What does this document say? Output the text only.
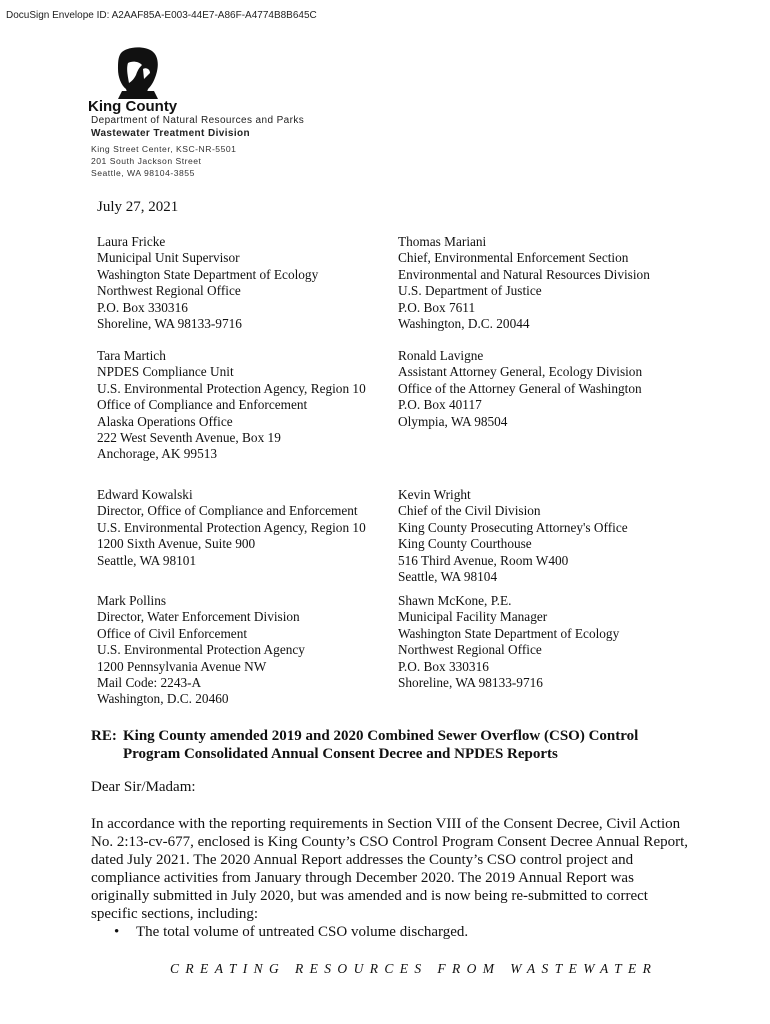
DocuSign Envelope ID: A2AAF85A-E003-44E7-A86F-A4774B8B645C
King County
Department of Natural Resources and Parks
Wastewater Treatment Division
King Street Center, KSC-NR-5501
201 South Jackson Street
Seattle, WA 98104-3855
July 27, 2021
Laura Fricke
Municipal Unit Supervisor
Washington State Department of Ecology
Northwest Regional Office
P.O. Box 330316
Shoreline, WA 98133-9716
Thomas Mariani
Chief, Environmental Enforcement Section
Environmental and Natural Resources Division
U.S. Department of Justice
P.O. Box 7611
Washington, D.C. 20044
Tara Martich
NPDES Compliance Unit
U.S. Environmental Protection Agency, Region 10
Office of Compliance and Enforcement
Alaska Operations Office
222 West Seventh Avenue, Box 19
Anchorage, AK 99513
Ronald Lavigne
Assistant Attorney General, Ecology Division
Office of the Attorney General of Washington
P.O. Box 40117
Olympia, WA 98504
Edward Kowalski
Director, Office of Compliance and Enforcement
U.S. Environmental Protection Agency, Region 10
1200 Sixth Avenue, Suite 900
Seattle, WA 98101
Kevin Wright
Chief of the Civil Division
King County Prosecuting Attorney's Office
King County Courthouse
516 Third Avenue, Room W400
Seattle, WA 98104
Mark Pollins
Director, Water Enforcement Division
Office of Civil Enforcement
U.S. Environmental Protection Agency
1200 Pennsylvania Avenue NW
Mail Code: 2243-A
Washington, D.C. 20460
Shawn McKone, P.E.
Municipal Facility Manager
Washington State Department of Ecology
Northwest Regional Office
P.O. Box 330316
Shoreline, WA 98133-9716
RE: King County amended 2019 and 2020 Combined Sewer Overflow (CSO) Control Program Consolidated Annual Consent Decree and NPDES Reports
Dear Sir/Madam:
In accordance with the reporting requirements in Section VIII of the Consent Decree, Civil Action No. 2:13-cv-677, enclosed is King County’s CSO Control Program Consent Decree Annual Report, dated July 2021. The 2020 Annual Report addresses the County’s CSO control project and compliance activities from January through December 2020. The 2019 Annual Report was originally submitted in July 2020, but was amended and is now being re-submitted to correct specific sections, including:
• The total volume of untreated CSO volume discharged.
CREATING RESOURCES FROM WASTEWATER
